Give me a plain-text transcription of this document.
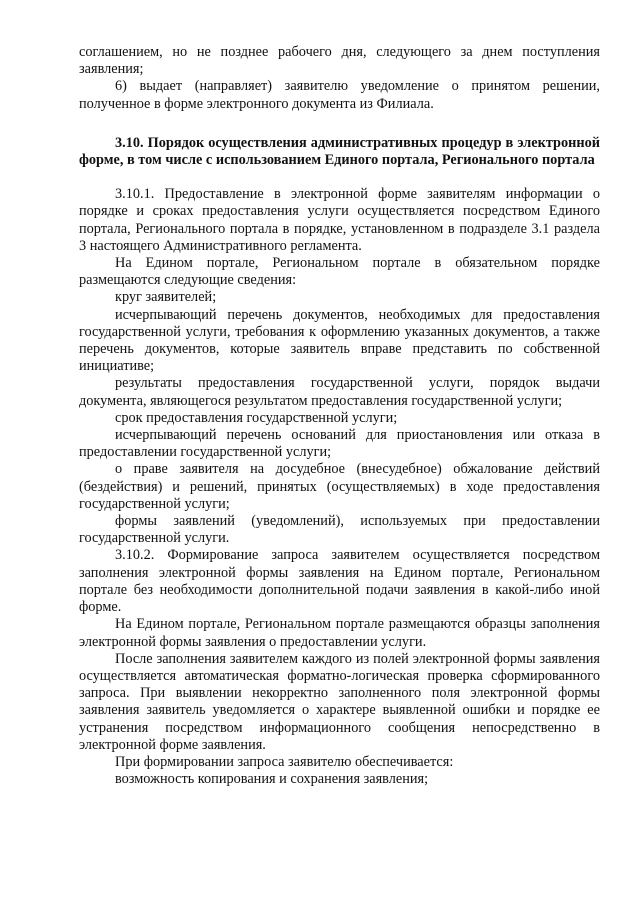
соглашением, но не позднее рабочего дня, следующего за днем поступления заявления;

6) выдает (направляет) заявителю уведомление о принятом решении, полученное в форме электронного документа из Филиала.

3.10. Порядок осуществления административных процедур в электронной форме, в том числе с использованием Единого портала, Регионального портала

3.10.1. Предоставление в электронной форме заявителям информации о порядке и сроках предоставления услуги осуществляется посредством Единого портала, Регионального портала в порядке, установленном в подразделе 3.1 раздела 3 настоящего Административного регламента.

На Едином портале, Региональном портале в обязательном порядке размещаются следующие сведения:

круг заявителей;

исчерпывающий перечень документов, необходимых для предоставления государственной услуги, требования к оформлению указанных документов, а также перечень документов, которые заявитель вправе представить по собственной инициативе;

результаты предоставления государственной услуги, порядок выдачи документа, являющегося результатом предоставления государственной услуги;

срок предоставления государственной услуги;

исчерпывающий перечень оснований для приостановления или отказа в предоставлении государственной услуги;

о праве заявителя на досудебное (внесудебное) обжалование действий (бездействия) и решений, принятых (осуществляемых) в ходе предоставления государственной услуги;

формы заявлений (уведомлений), используемых при предоставлении государственной услуги.

3.10.2. Формирование запроса заявителем осуществляется посредством заполнения электронной формы заявления на Едином портале, Региональном портале без необходимости дополнительной подачи заявления в какой-либо иной форме.

На Едином портале, Региональном портале размещаются образцы заполнения электронной формы заявления о предоставлении услуги.

После заполнения заявителем каждого из полей электронной формы заявления осуществляется автоматическая форматно-логическая проверка сформированного запроса. При выявлении некорректно заполненного поля электронной формы заявления заявитель уведомляется о характере выявленной ошибки и порядке ее устранения посредством информационного сообщения непосредственно в электронной форме заявления.

При формировании запроса заявителю обеспечивается:

возможность копирования и сохранения заявления;
